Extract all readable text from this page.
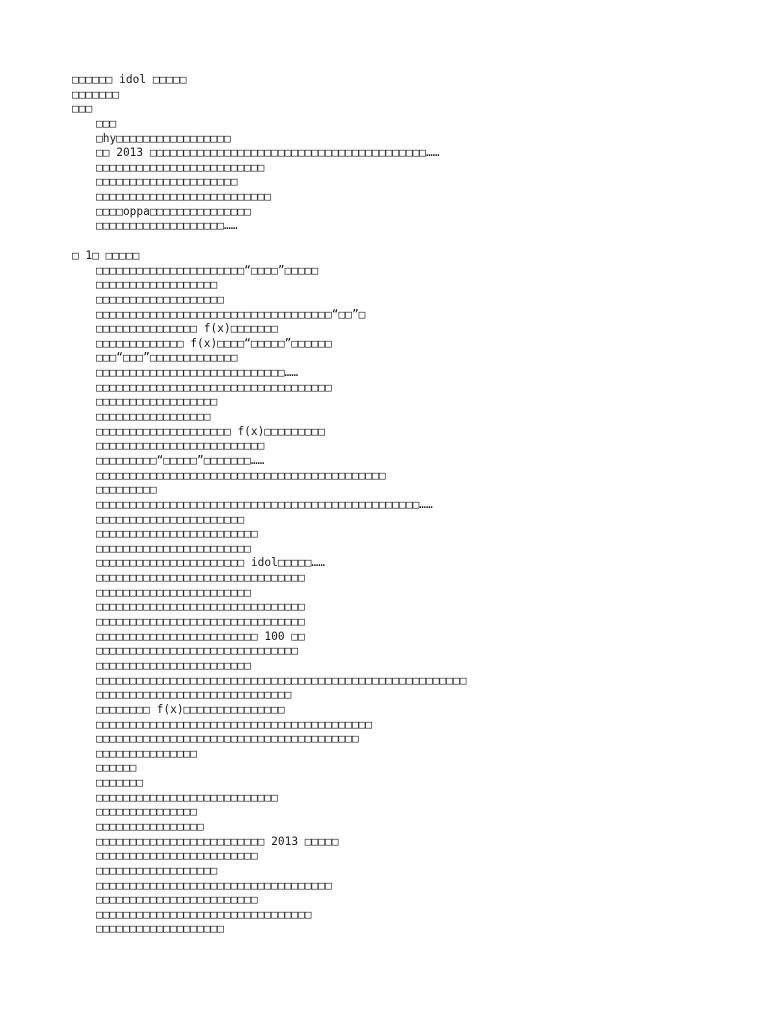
□□□□□□ idol □□□□□
□□□□□□□
□□□
□□□
□hy□□□□□□□□□□□□□□□□□
□□ 2013 □□□□□□□□□□□□□□□□□□□□□□□□□□□□□□□□□□□□□□□□□……
□□□□□□□□□□□□□□□□□□□□□□□□□
□□□□□□□□□□□□□□□□□□□□□
□□□□□□□□□□□□□□□□□□□□□□□□□□
□□□□oppa□□□□□□□□□□□□□□□
□□□□□□□□□□□□□□□□□□□……
□ 1□ □□□□□
□□□□□□□□□□□□□□□□□□□□□□“□□□□”□□□□□
□□□□□□□□□□□□□□□□□□
□□□□□□□□□□□□□□□□□□□
□□□□□□□□□□□□□□□□□□□□□□□□□□□□□□□□□□□“□□”□
□□□□□□□□□□□□□□□ f(x)□□□□□□□
□□□□□□□□□□□□□ f(x)□□□□“□□□□□”□□□□□□
□□□“□□□”□□□□□□□□□□□□□
□□□□□□□□□□□□□□□□□□□□□□□□□□□□……
□□□□□□□□□□□□□□□□□□□□□□□□□□□□□□□□□□□
□□□□□□□□□□□□□□□□□□
□□□□□□□□□□□□□□□□□
□□□□□□□□□□□□□□□□□□□□ f(x)□□□□□□□□□
□□□□□□□□□□□□□□□□□□□□□□□□□
□□□□□□□□□“□□□□□”□□□□□□□……
□□□□□□□□□□□□□□□□□□□□□□□□□□□□□□□□□□□□□□□□□□□
□□□□□□□□□
□□□□□□□□□□□□□□□□□□□□□□□□□□□□□□□□□□□□□□□□□□□□□□□□……
□□□□□□□□□□□□□□□□□□□□□□
□□□□□□□□□□□□□□□□□□□□□□□□
□□□□□□□□□□□□□□□□□□□□□□□
□□□□□□□□□□□□□□□□□□□□□□ idol□□□□□……
□□□□□□□□□□□□□□□□□□□□□□□□□□□□□□□
□□□□□□□□□□□□□□□□□□□□□□□
□□□□□□□□□□□□□□□□□□□□□□□□□□□□□□□
□□□□□□□□□□□□□□□□□□□□□□□□□□□□□□□
□□□□□□□□□□□□□□□□□□□□□□□□ 100 □□
□□□□□□□□□□□□□□□□□□□□□□□□□□□□□□
□□□□□□□□□□□□□□□□□□□□□□□
□□□□□□□□□□□□□□□□□□□□□□□□□□□□□□□□□□□□□□□□□□□□□□□□□□□□□□□
□□□□□□□□□□□□□□□□□□□□□□□□□□□□□
□□□□□□□□ f(x)□□□□□□□□□□□□□□□
□□□□□□□□□□□□□□□□□□□□□□□□□□□□□□□□□□□□□□□□□
□□□□□□□□□□□□□□□□□□□□□□□□□□□□□□□□□□□□□□□
□□□□□□□□□□□□□□□
□□□□□□
□□□□□□□
□□□□□□□□□□□□□□□□□□□□□□□□□□□
□□□□□□□□□□□□□□□
□□□□□□□□□□□□□□□□
□□□□□□□□□□□□□□□□□□□□□□□□□ 2013 □□□□□
□□□□□□□□□□□□□□□□□□□□□□□□
□□□□□□□□□□□□□□□□□□
□□□□□□□□□□□□□□□□□□□□□□□□□□□□□□□□□□□
□□□□□□□□□□□□□□□□□□□□□□□□
□□□□□□□□□□□□□□□□□□□□□□□□□□□□□□□□
□□□□□□□□□□□□□□□□□□□
